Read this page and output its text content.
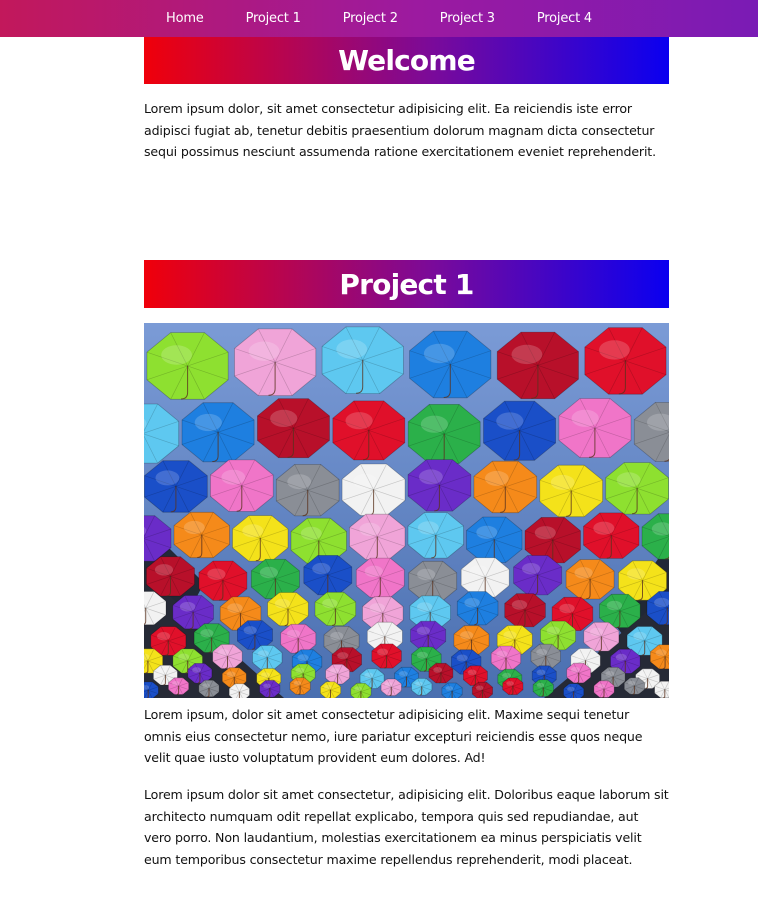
Home	Project 1	Project 2	Project 3	Project 4
Welcome

Lorem ipsum dolor, sit amet consectetur adipisicing elit. Ea reiciendis iste error adipisci fugiat ab, tenetur debitis praesentium dolorum magnam dicta consectetur sequi possimus nesciunt assumenda ratione exercitationem eveniet reprehenderit.

Project 1

Lorem ipsum, dolor sit amet consectetur adipisicing elit. Maxime sequi tenetur omnis eius consectetur nemo, iure pariatur excepturi reiciendis esse quos neque velit quae iusto voluptatum provident eum dolores. Ad!

Lorem ipsum dolor sit amet consectetur, adipisicing elit. Doloribus eaque laborum sit architecto numquam odit repellat explicabo, tempora quis sed repudiandae, aut vero porro. Non laudantium, molestias exercitationem ea minus perspiciatis velit eum temporibus consectetur maxime repellendus reprehenderit, modi placeat.
